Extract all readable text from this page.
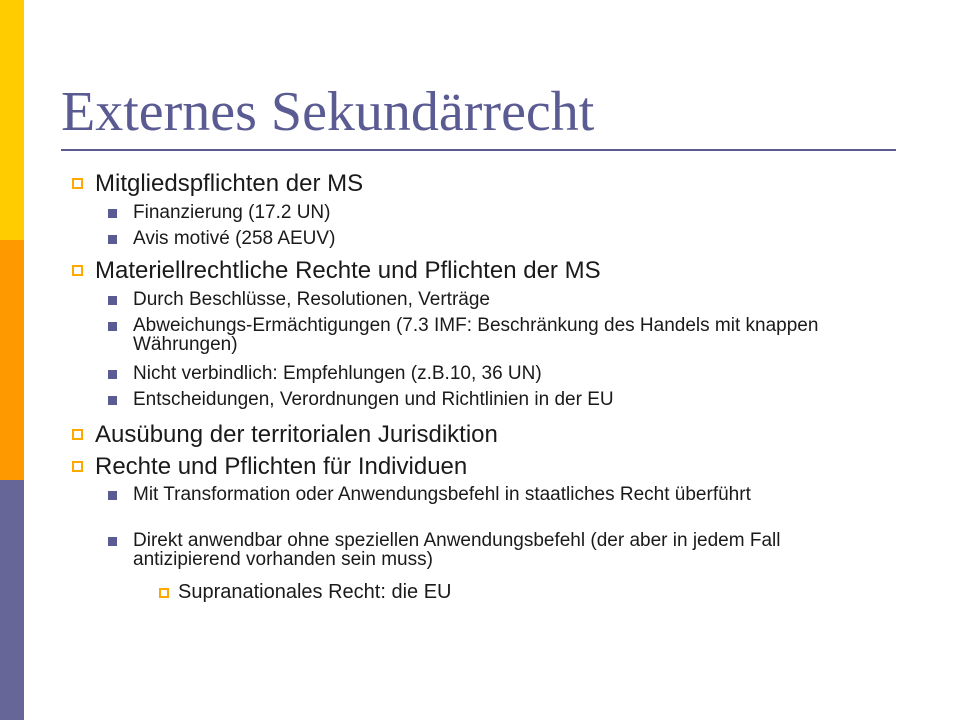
Externes Sekundärrecht
Mitgliedspflichten der MS
Finanzierung (17.2 UN)
Avis motivé (258 AEUV)
Materiellrechtliche Rechte und Pflichten der MS
Durch Beschlüsse, Resolutionen, Verträge
Abweichungs-Ermächtigungen (7.3 IMF: Beschränkung des Handels mit knappen Währungen)
Nicht verbindlich: Empfehlungen (z.B.10, 36 UN)
Entscheidungen, Verordnungen und Richtlinien in der EU
Ausübung der territorialen Jurisdiktion
Rechte und Pflichten für Individuen
Mit Transformation oder Anwendungsbefehl in staatliches Recht überführt
Direkt anwendbar ohne speziellen Anwendungsbefehl (der aber in jedem Fall antizipierend vorhanden sein muss)
Supranationales Recht: die EU
